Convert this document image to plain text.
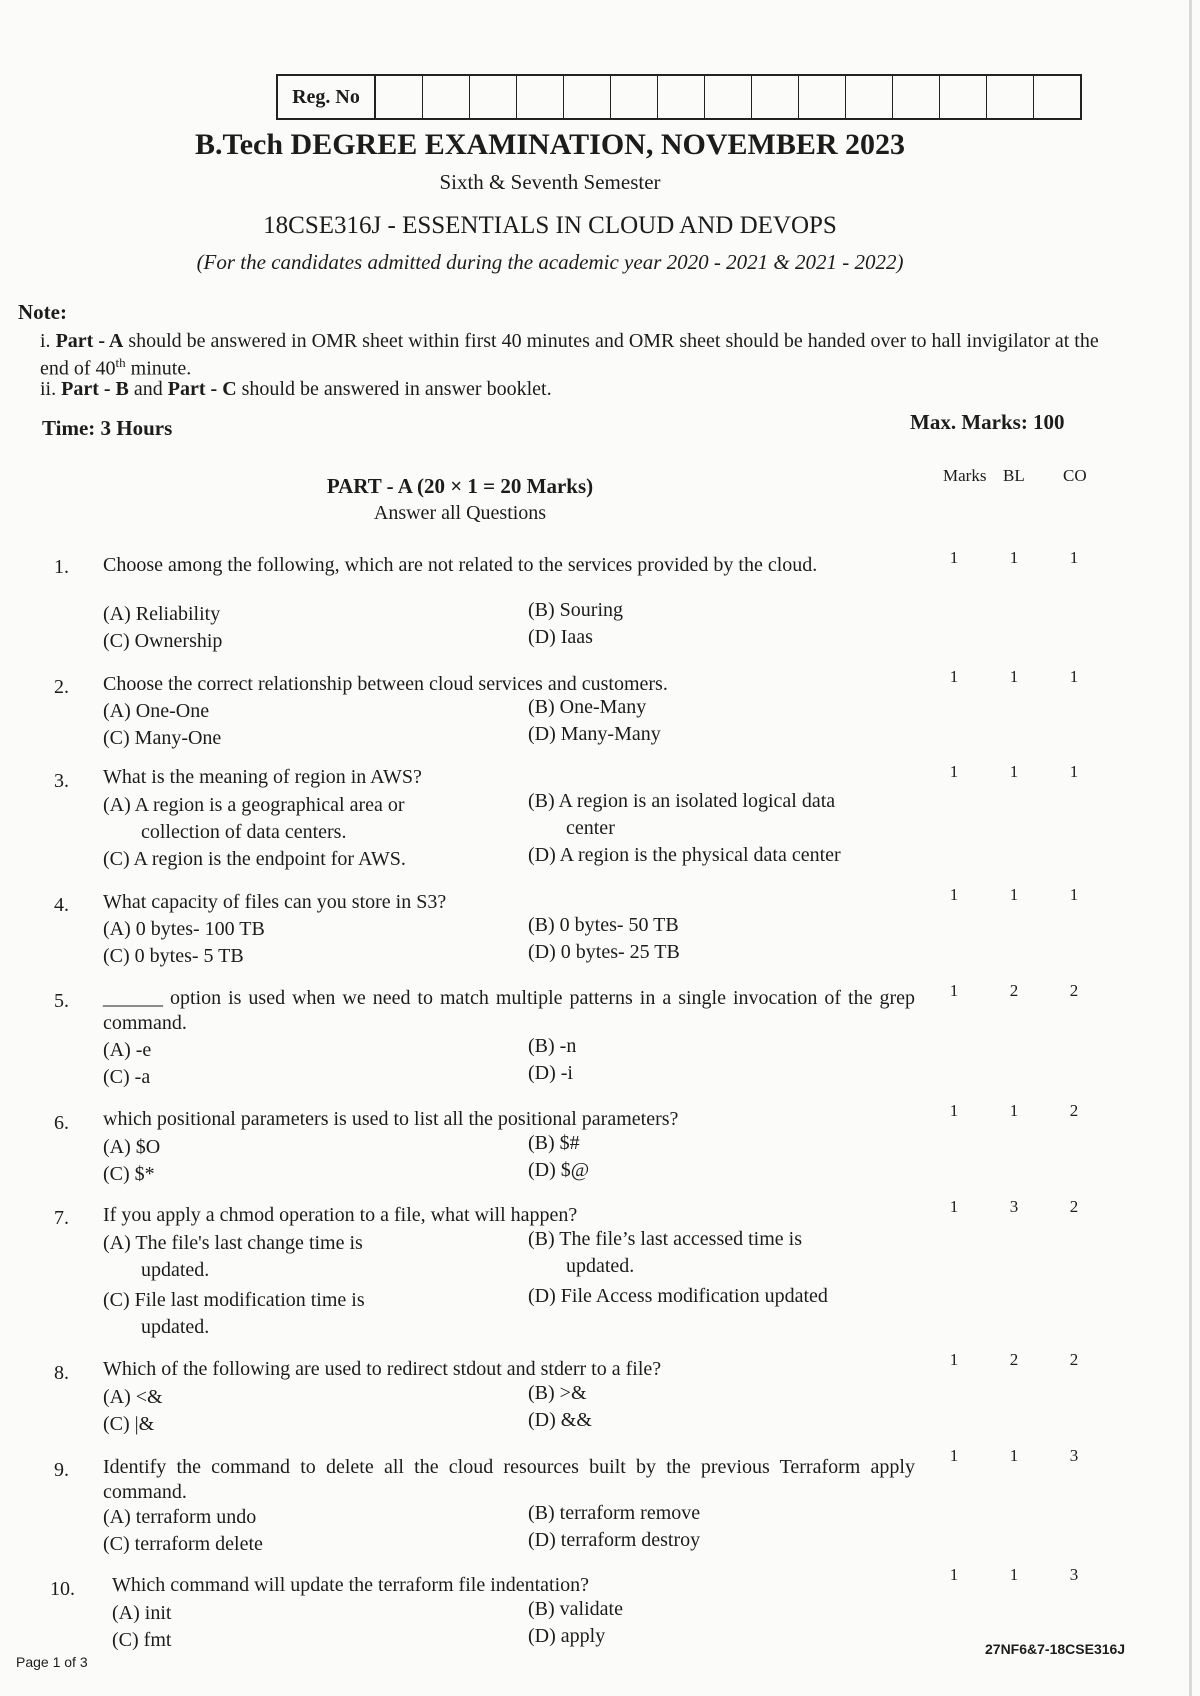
Reg. No
B.Tech DEGREE EXAMINATION, NOVEMBER 2023
Sixth & Seventh Semester
18CSE316J - ESSENTIALS IN CLOUD AND DEVOPS
(For the candidates admitted during the academic year 2020 - 2021 & 2021 - 2022)
Note:
i. Part - A should be answered in OMR sheet within first 40 minutes and OMR sheet should be handed over to hall invigilator at the end of 40th minute.
ii. Part - B and Part - C should be answered in answer booklet.
Time: 3 Hours	Max. Marks: 100
PART - A (20 × 1 = 20 Marks)
Answer all Questions
Marks BL CO
1.	Choose among the following, which are not related to the services provided by the cloud.
(A) Reliability	(B) Souring
(C) Ownership	(D) Iaas
1	1	1
2.	Choose the correct relationship between cloud services and customers.
(A) One-One	(B) One-Many
(C) Many-One	(D) Many-Many
1	1	1
3.	What is the meaning of region in AWS?
(A) A region is a geographical area or
collection of data centers.
(B) A region is an isolated logical data
center
(C) A region is the endpoint for AWS.	(D) A region is the physical data center
1	1	1
4.	What capacity of files can you store in S3?
(A) 0 bytes- 100 TB	(B) 0 bytes- 50 TB
(C) 0 bytes- 5 TB	(D) 0 bytes- 25 TB
1	1	1
5.	______ option is used when we need to match multiple patterns in a single invocation of the grep command.
(A) -e	(B) -n
(C) -a	(D) -i
1	2	2
6.	which positional parameters is used to list all the positional parameters?
(A) $O	(B) $#
(C) $*	(D) $@
1	1	2
7.	If you apply a chmod operation to a file, what will happen?
(A) The file's last change time is
updated.
(B) The file’s last accessed time is
updated.
(C) File last modification time is
updated.
(D) File Access modification updated
1	3	2
8.	Which of the following are used to redirect stdout and stderr to a file?
(A) <&	(B) >&
(C) |&	(D) &&
1	2	2
9.	Identify the command to delete all the cloud resources built by the previous Terraform apply command.
(A) terraform undo	(B) terraform remove
(C) terraform delete	(D) terraform destroy
1	1	3
10.	Which command will update the terraform file indentation?
(A) init	(B) validate
(C) fmt	(D) apply
1	1	3
Page 1 of 3
27NF6&7-18CSE316J
